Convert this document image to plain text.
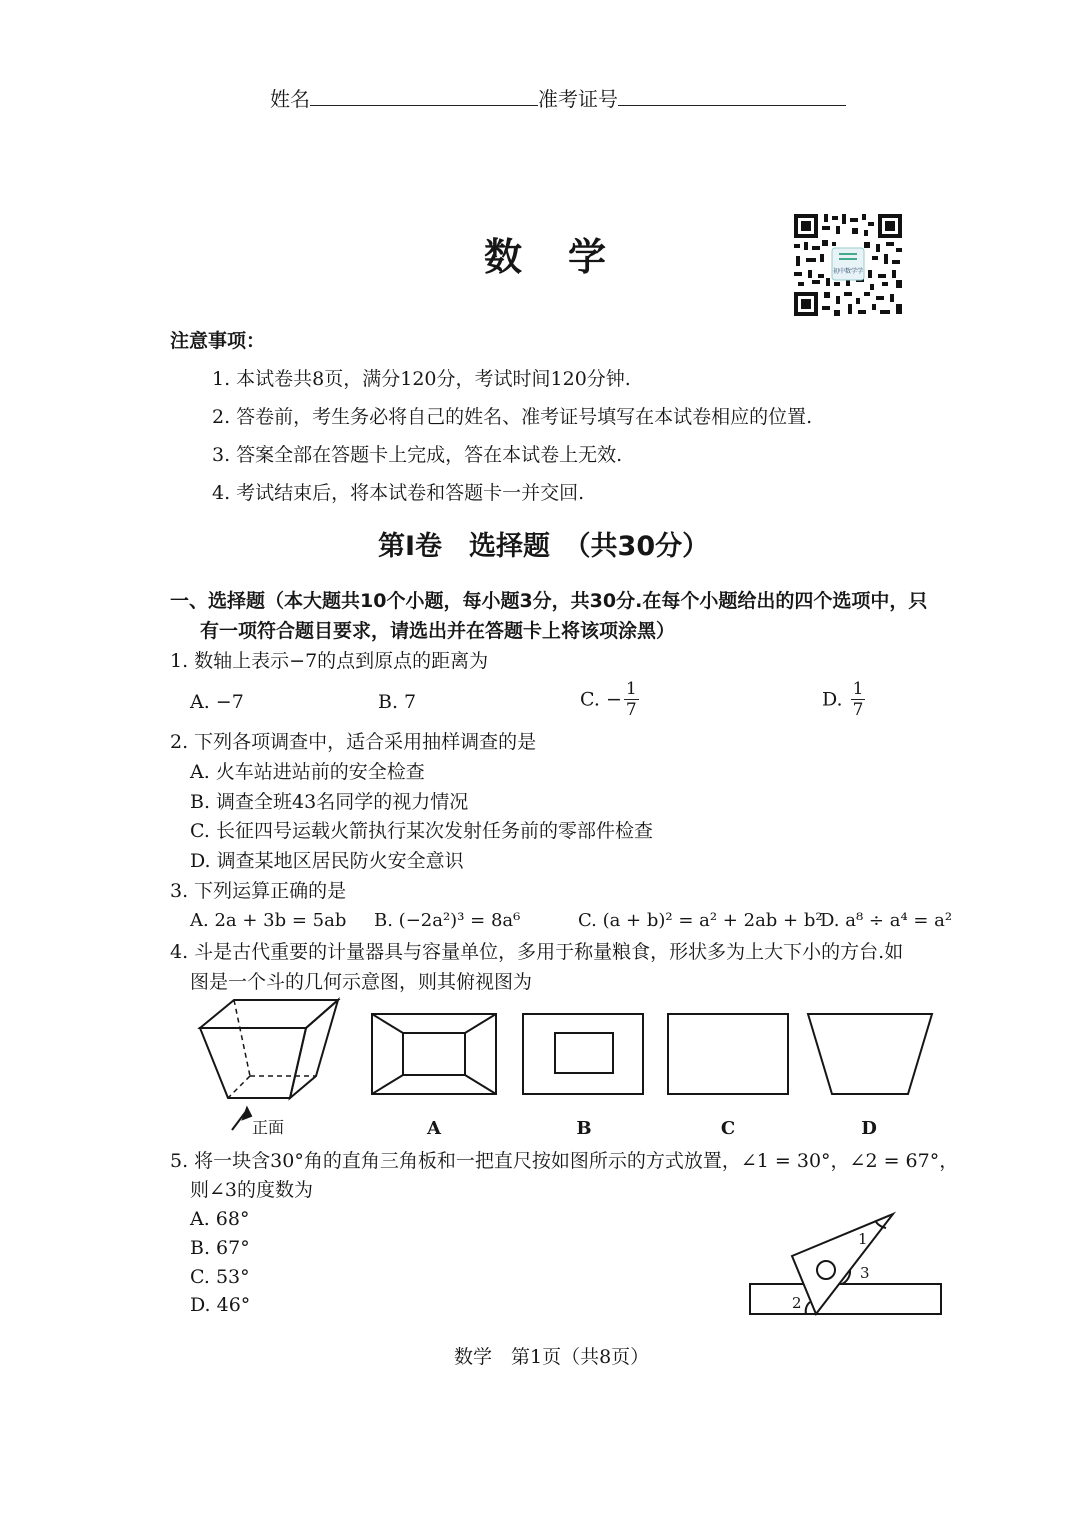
姓名	准考证号
数　学	初中数学学
注意事项：
1. 本试卷共8页，满分120分，考试时间120分钟.
2. 答卷前，考生务必将自己的姓名、准考证号填写在本试卷相应的位置.
3. 答案全部在答题卡上完成，答在本试卷上无效.
4. 考试结束后，将本试卷和答题卡一并交回.
第Ⅰ卷　选择题　（共30分）
一、选择题（本大题共10个小题，每小题3分，共30分.在每个小题给出的四个选项中，只
有一项符合题目要求，请选出并在答题卡上将该项涂黑）
1. 数轴上表示−7的点到原点的距离为
A. −7	B. 7	C. − $\frac{1}{7}$	D. $\frac{1}{7}$
2. 下列各项调查中，适合采用抽样调查的是
A. 火车站进站前的安全检查
B. 调查全班43名同学的视力情况
C. 长征四号运载火箭执行某次发射任务前的零部件检查
D. 调查某地区居民防火安全意识
3. 下列运算正确的是
A. 2a + 3b = 5ab B. (−2a²)³ = 8a⁶	C. (a + b)² = a² + 2ab + b²
D. a⁸ ÷ a⁴ = a²
4. 斗是古代重要的计量器具与容量单位，多用于称量粮食，形状多为上大下小的方台.如
图是一个斗的几何示意图，则其俯视图为
正面	A	B	C	D
1
2
3
5. 将一块含30°角的直角三角板和一把直尺按如图所示的方式放置，∠1 = 30°，∠2 = 67°，
则∠3的度数为
A. 68°
B. 67°
C. 53°
D. 46°
数学　第1页（共8页）
